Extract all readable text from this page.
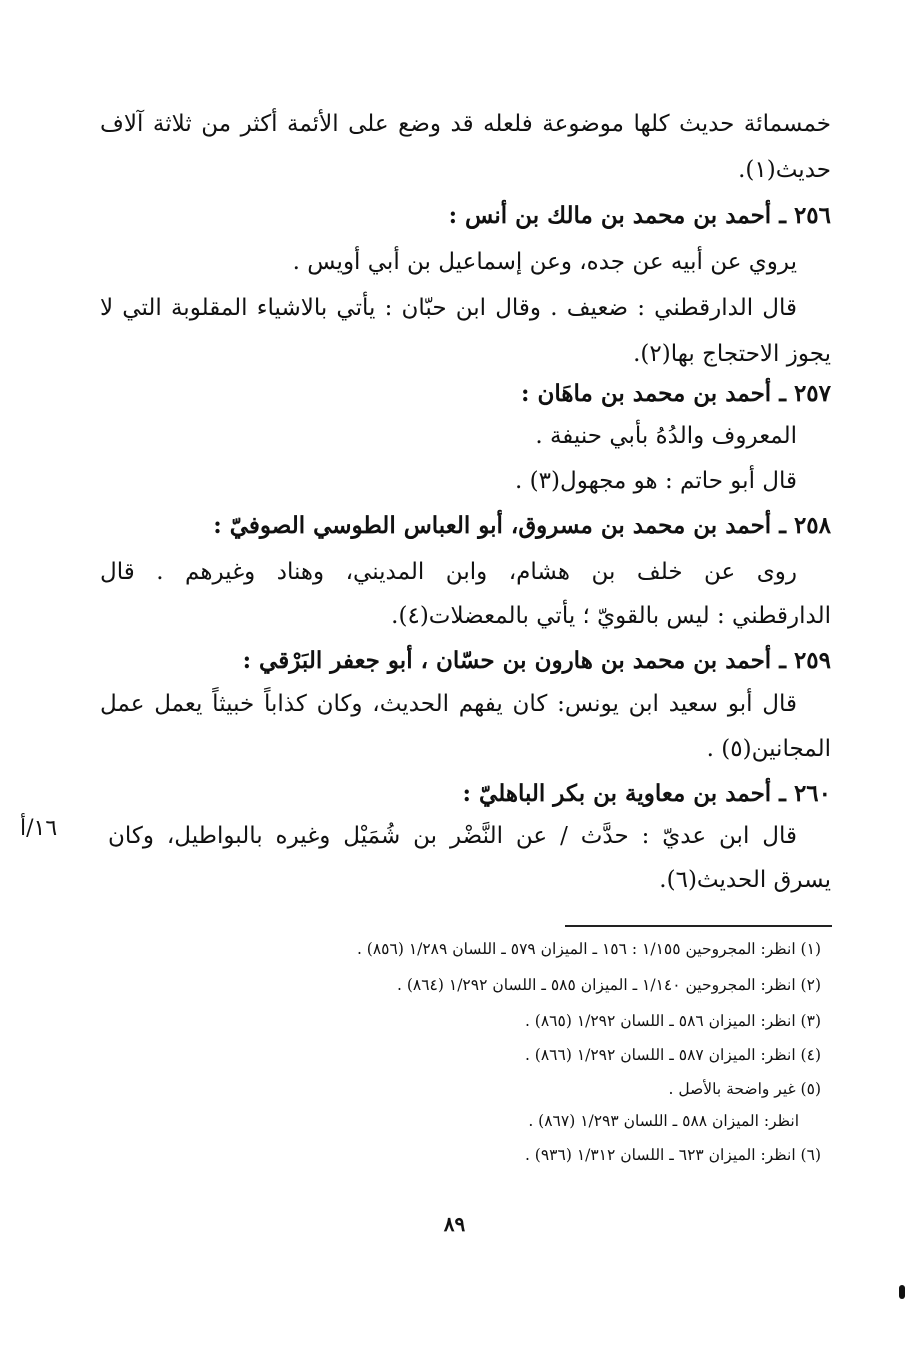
خمسمائة حديث كلها موضوعة فلعله قد وضع على الأئمة أكثر من ثلاثة آلاف
حديث(١).
٢٥٦ ـ أحمد بن محمد بن مالك بن أنس :
يروي عن أبيه عن جده، وعن إسماعيل بن أبي أويس .
قال الدارقطني : ضعيف . وقال ابن حبّان : يأتي بالاشياء المقلوبة التي لا
يجوز الاحتجاج بها(٢).
٢٥٧ ـ أحمد بن محمد بن ماهَان :
المعروف والدُهُ بأبي حنيفة .
قال أبو حاتم : هو مجهول(٣) .
٢٥٨ ـ أحمد بن محمد بن مسروق، أبو العباس الطوسي الصوفيّ :
روى عن خلف بن هشام، وابن المديني، وهناد وغيرهم . قال
الدارقطني : ليس بالقويّ ؛ يأتي بالمعضلات(٤).
٢٥٩ ـ أحمد بن محمد بن هارون بن حسّان ، أبو جعفر البَرْقي :
قال أبو سعيد ابن يونس: كان يفهم الحديث، وكان كذاباً خبيثاً يعمل عمل
المجانين(٥) .
٢٦٠ ـ أحمد بن معاوية بن بكر الباهليّ :
قال ابن عديّ : حدَّث / عن النَّضْر بن شُمَيْل وغيره بالبواطيل، وكان
يسرق الحديث(٦).
١٦/أ
(١) انظر: المجروحين ١/١٥٥ : ١٥٦ ـ الميزان ٥٧٩ ـ اللسان ١/٢٨٩ (٨٥٦) .
(٢) انظر: المجروحين ١/١٤٠ ـ الميزان ٥٨٥ ـ اللسان ١/٢٩٢ (٨٦٤) .
(٣) انظر: الميزان ٥٨٦ ـ اللسان ١/٢٩٢ (٨٦٥) .
(٤) انظر: الميزان ٥٨٧ ـ اللسان ١/٢٩٢ (٨٦٦) .
(٥) غير واضحة بالأصل .
انظر: الميزان ٥٨٨ ـ اللسان ١/٢٩٣ (٨٦٧) .
(٦) انظر: الميزان ٦٢٣ ـ اللسان ١/٣١٢ (٩٣٦) .
٨٩
